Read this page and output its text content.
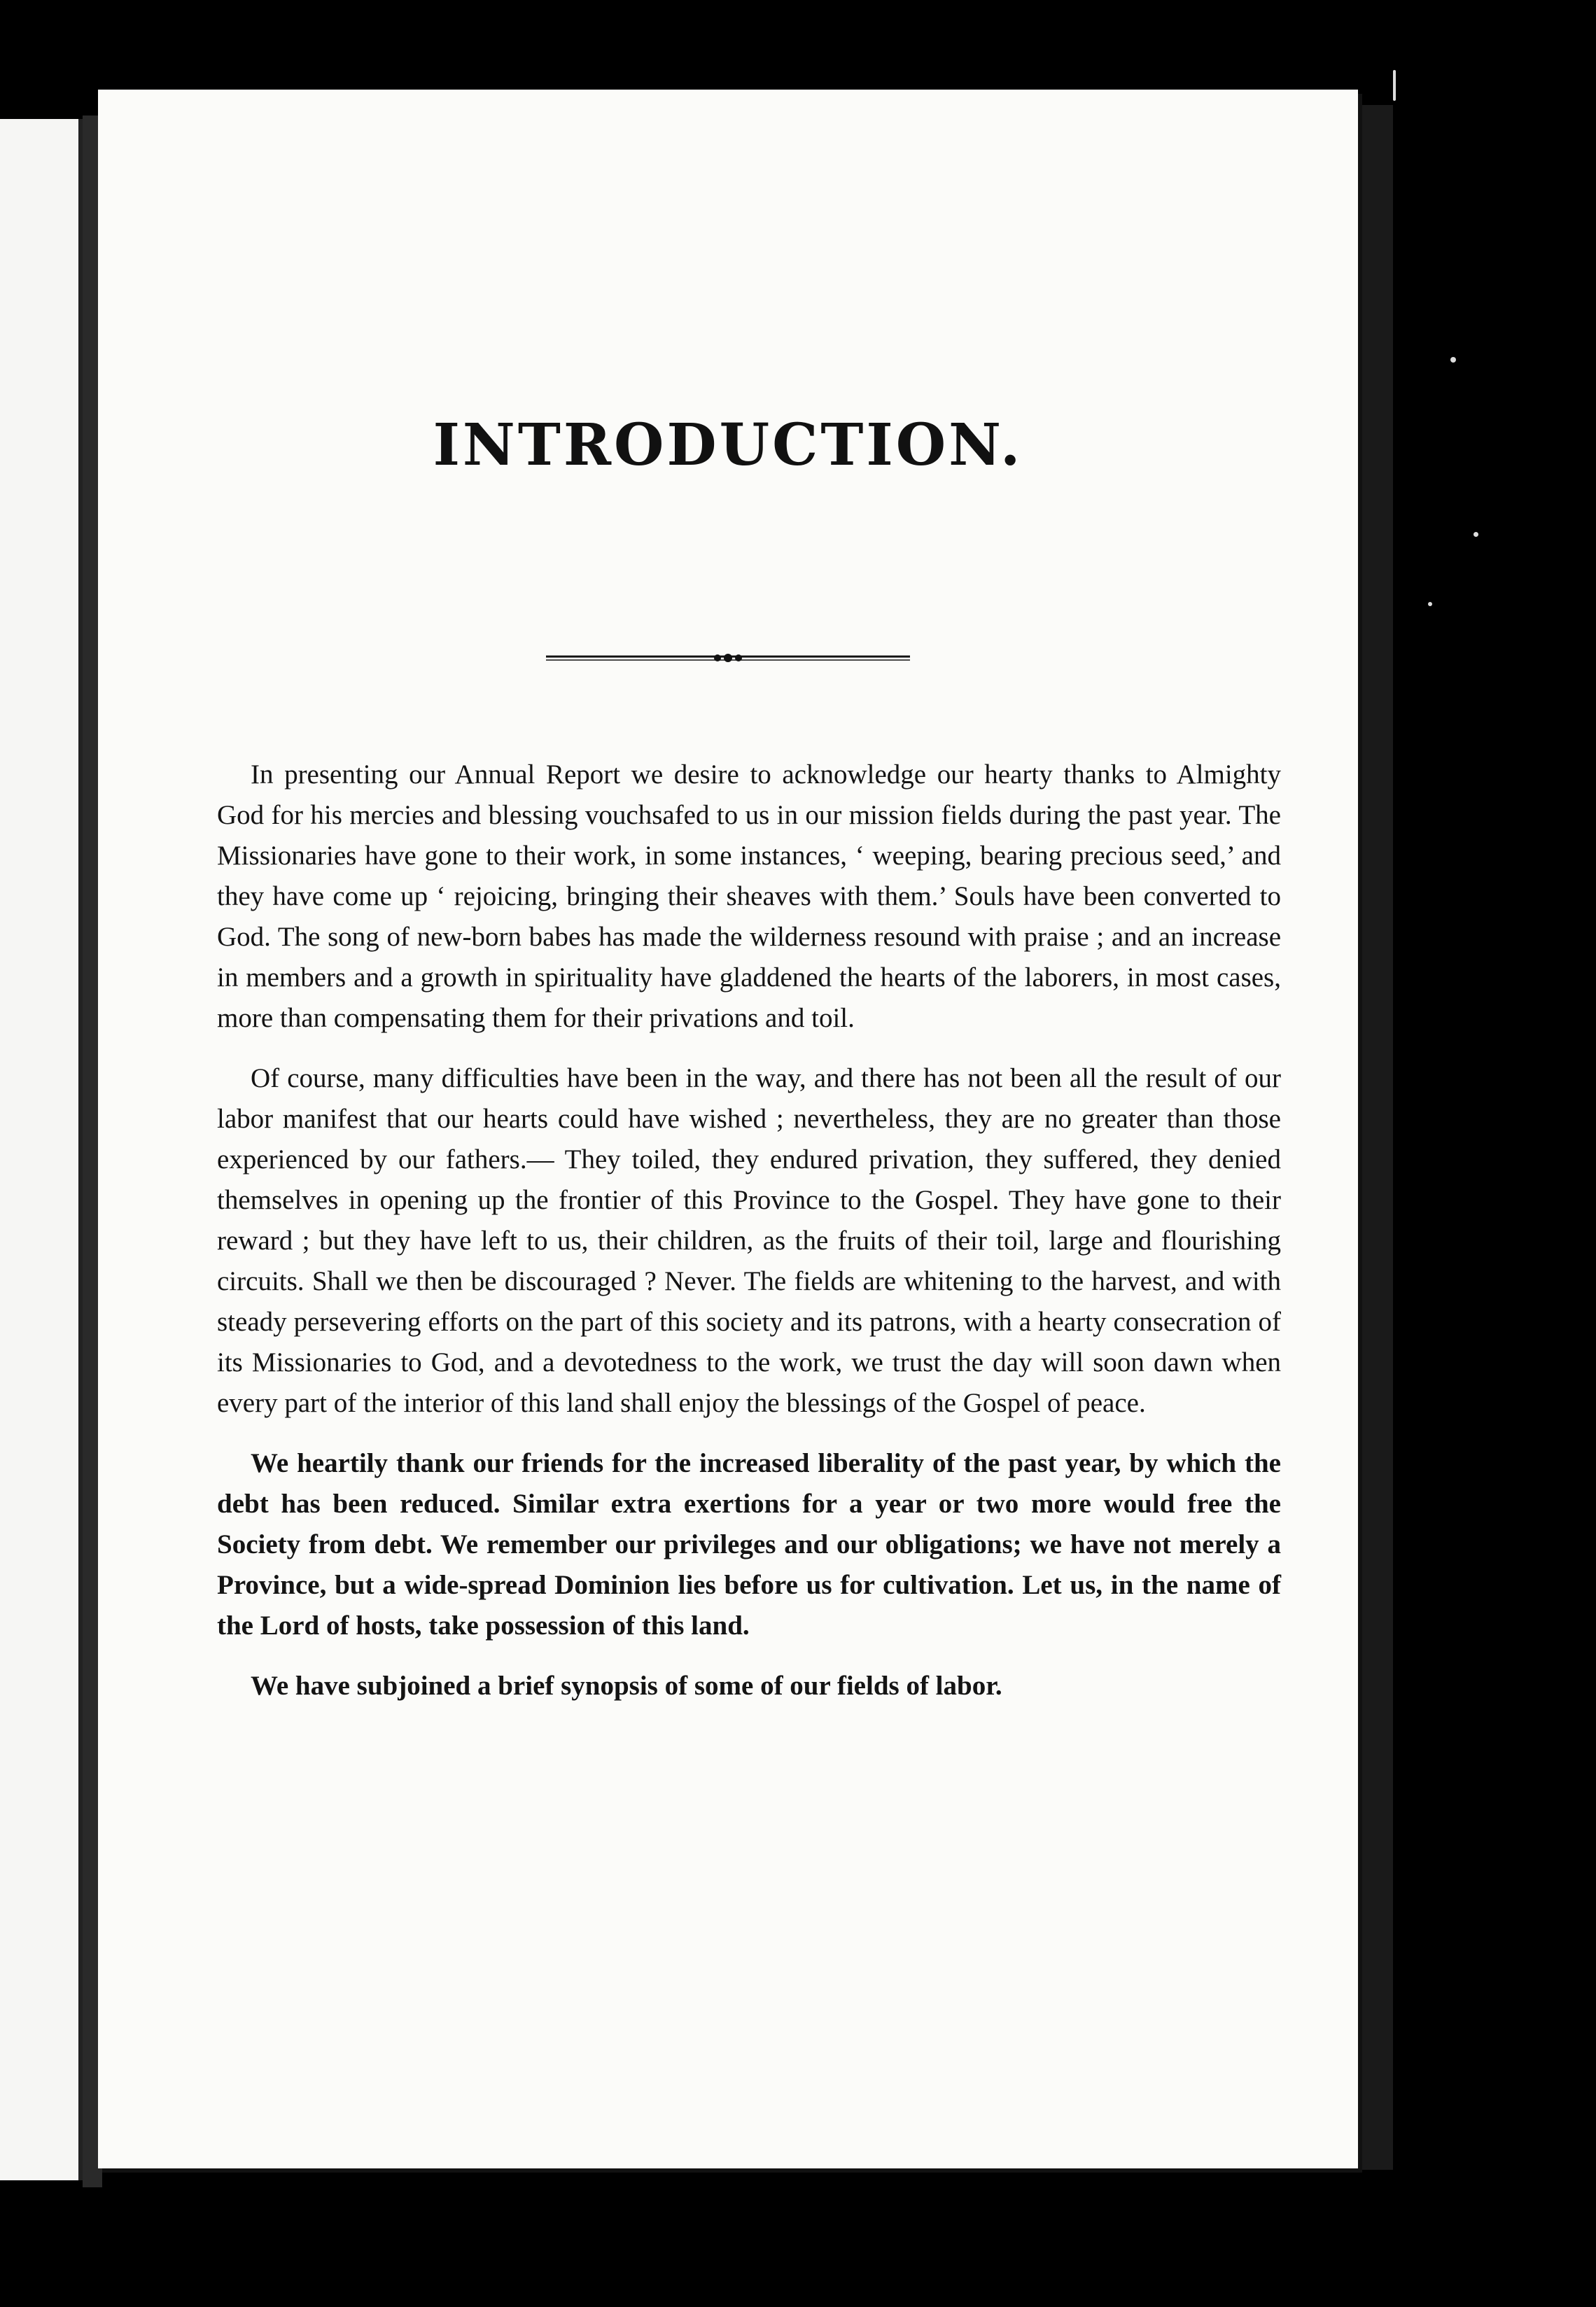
INTRODUCTION.

In presenting our Annual Report we desire to acknowledge our hearty thanks to Almighty God for his mercies and blessing vouchsafed to us in our mission fields during the past year. The Missionaries have gone to their work, in some instances, ‘ weeping, bearing precious seed,’ and they have come up ‘ rejoicing, bringing their sheaves with them.’ Souls have been converted to God. The song of new-born babes has made the wilderness resound with praise ; and an increase in members and a growth in spirituality have gladdened the hearts of the laborers, in most cases, more than compensating them for their privations and toil.

Of course, many difficulties have been in the way, and there has not been all the result of our labor manifest that our hearts could have wished ; nevertheless, they are no greater than those experienced by our fathers.— They toiled, they endured privation, they suffered, they denied themselves in opening up the frontier of this Province to the Gospel. They have gone to their reward ; but they have left to us, their children, as the fruits of their toil, large and flourishing circuits. Shall we then be discouraged ? Never. The fields are whitening to the harvest, and with steady persevering efforts on the part of this society and its patrons, with a hearty consecration of its Missionaries to God, and a devotedness to the work, we trust the day will soon dawn when every part of the interior of this land shall enjoy the blessings of the Gospel of peace.

We heartily thank our friends for the increased liberality of the past year, by which the debt has been reduced. Similar extra exertions for a year or two more would free the Society from debt. We remember our privileges and our obligations; we have not merely a Province, but a wide-spread Dominion lies before us for cultivation. Let us, in the name of the Lord of hosts, take possession of this land.

We have subjoined a brief synopsis of some of our fields of labor.
